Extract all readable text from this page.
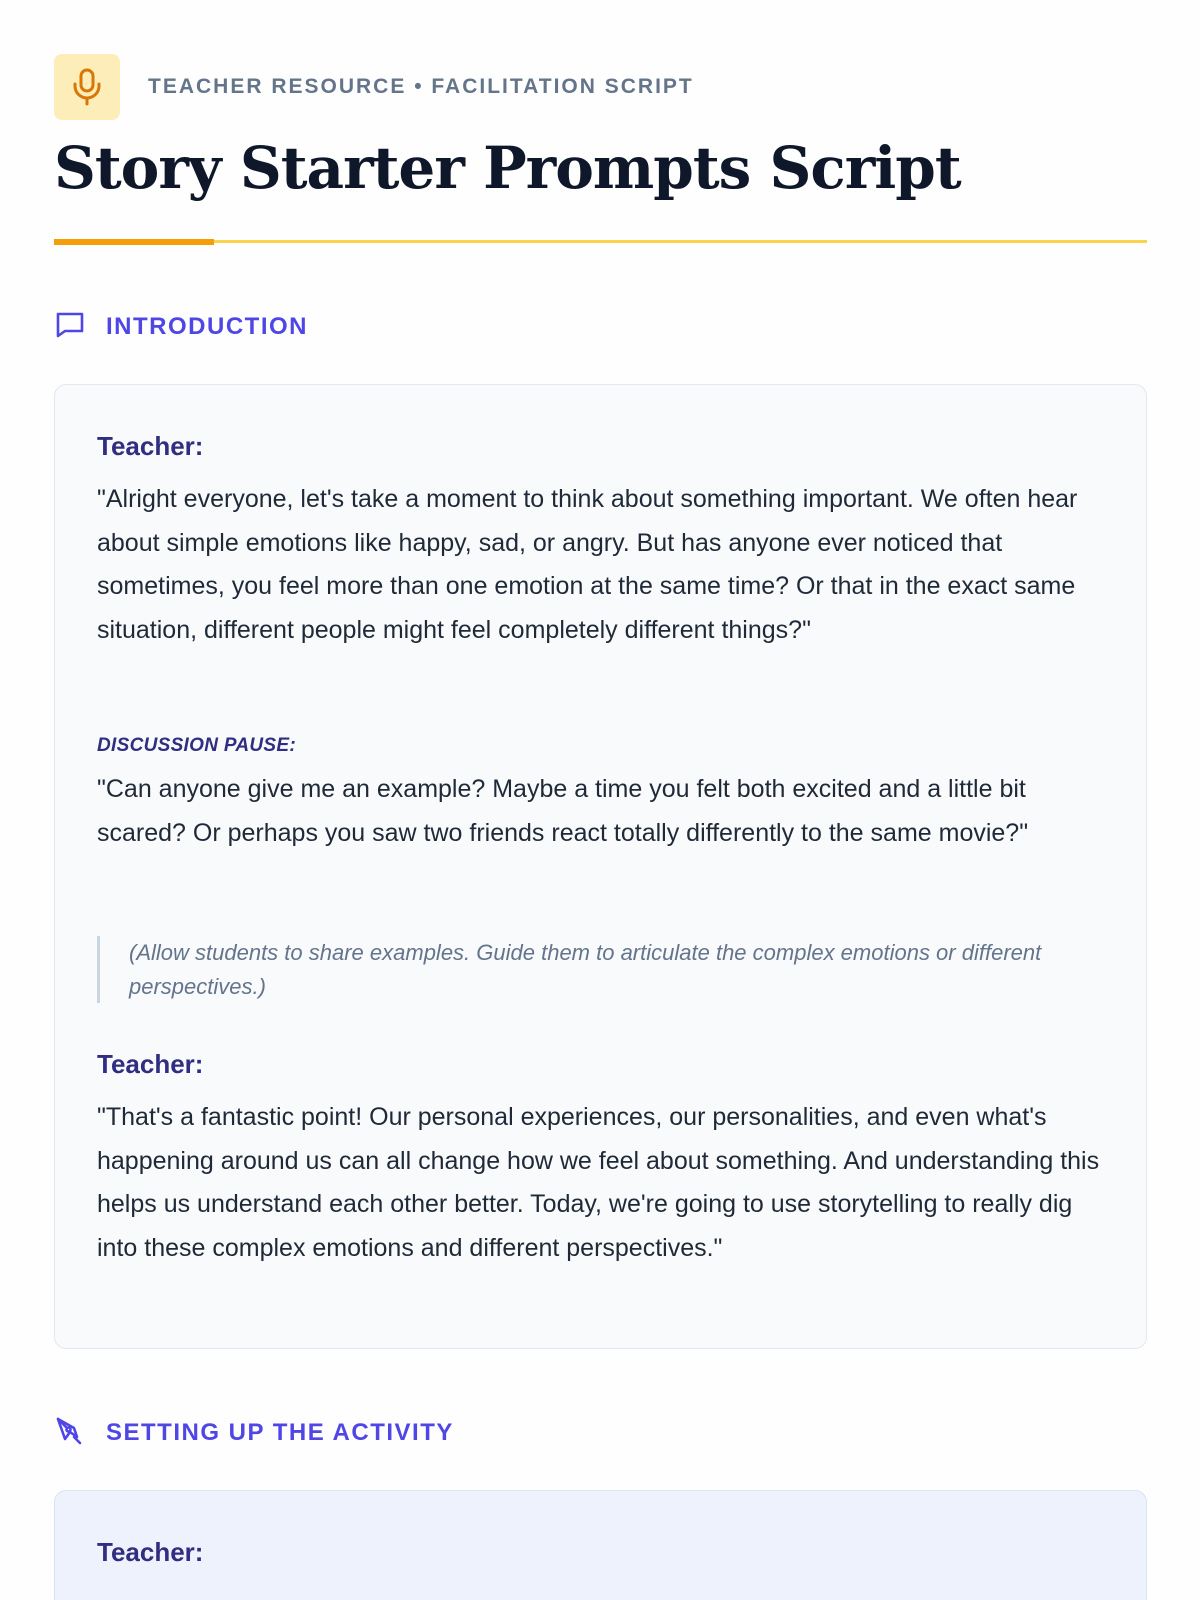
TEACHER RESOURCE • FACILITATION SCRIPT
Story Starter Prompts Script
INTRODUCTION
Teacher:

"Alright everyone, let's take a moment to think about something important. We often hear about simple emotions like happy, sad, or angry. But has anyone ever noticed that sometimes, you feel more than one emotion at the same time? Or that in the exact same situation, different people might feel completely different things?"

DISCUSSION PAUSE:

"Can anyone give me an example? Maybe a time you felt both excited and a little bit scared? Or perhaps you saw two friends react totally differently to the same movie?"

(Allow students to share examples. Guide them to articulate the complex emotions or different perspectives.)

Teacher:

"That's a fantastic point! Our personal experiences, our personalities, and even what's happening around us can all change how we feel about something. And understanding this helps us understand each other better. Today, we're going to use storytelling to really dig into these complex emotions and different perspectives."

SETTING UP THE ACTIVITY
Teacher:
